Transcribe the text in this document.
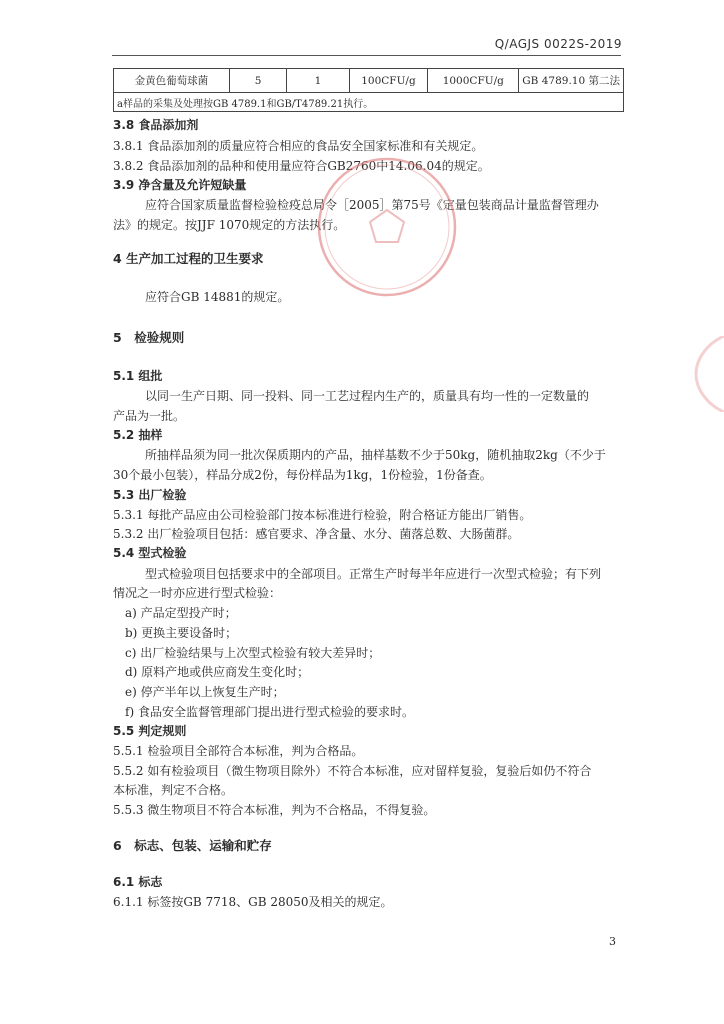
Q/AGJS 0022S-2019
金黄色葡萄球菌	5	1	100CFU/g	1000CFU/g	GB 4789.10 第二法
a样品的采集及处理按GB 4789.1和GB/T4789.21执行。
3.8 食品添加剂
3.8.1 食品添加剂的质量应符合相应的食品安全国家标准和有关规定。
3.8.2 食品添加剂的品种和使用量应符合GB2760中14.06.04的规定。
3.9 净含量及允许短缺量
应符合国家质量监督检验检疫总局令［2005］第75号《定量包装商品计量监督管理办
法》的规定。按JJF 1070规定的方法执行。
4 生产加工过程的卫生要求
应符合GB 14881的规定。
5　检验规则
5.1 组批
以同一生产日期、同一投料、同一工艺过程内生产的，质量具有均一性的一定数量的
产品为一批。
5.2 抽样
所抽样品须为同一批次保质期内的产品，抽样基数不少于50kg，随机抽取2kg（不少于
30个最小包装），样品分成2份，每份样品为1kg，1份检验，1份备查。
5.3 出厂检验
5.3.1 每批产品应由公司检验部门按本标准进行检验，附合格证方能出厂销售。
5.3.2 出厂检验项目包括：感官要求、净含量、水分、菌落总数、大肠菌群。
5.4 型式检验
型式检验项目包括要求中的全部项目。正常生产时每半年应进行一次型式检验；有下列
情况之一时亦应进行型式检验：
a) 产品定型投产时；
b) 更换主要设备时；
c) 出厂检验结果与上次型式检验有较大差异时；
d) 原料产地或供应商发生变化时；
e) 停产半年以上恢复生产时；
f) 食品安全监督管理部门提出进行型式检验的要求时。
5.5 判定规则
5.5.1 检验项目全部符合本标准，判为合格品。
5.5.2 如有检验项目（微生物项目除外）不符合本标准，应对留样复验，复验后如仍不符合
本标准，判定不合格。
5.5.3 微生物项目不符合本标准，判为不合格品，不得复验。
6　标志、包装、运输和贮存
6.1 标志
6.1.1 标签按GB 7718、GB 28050及相关的规定。
3
